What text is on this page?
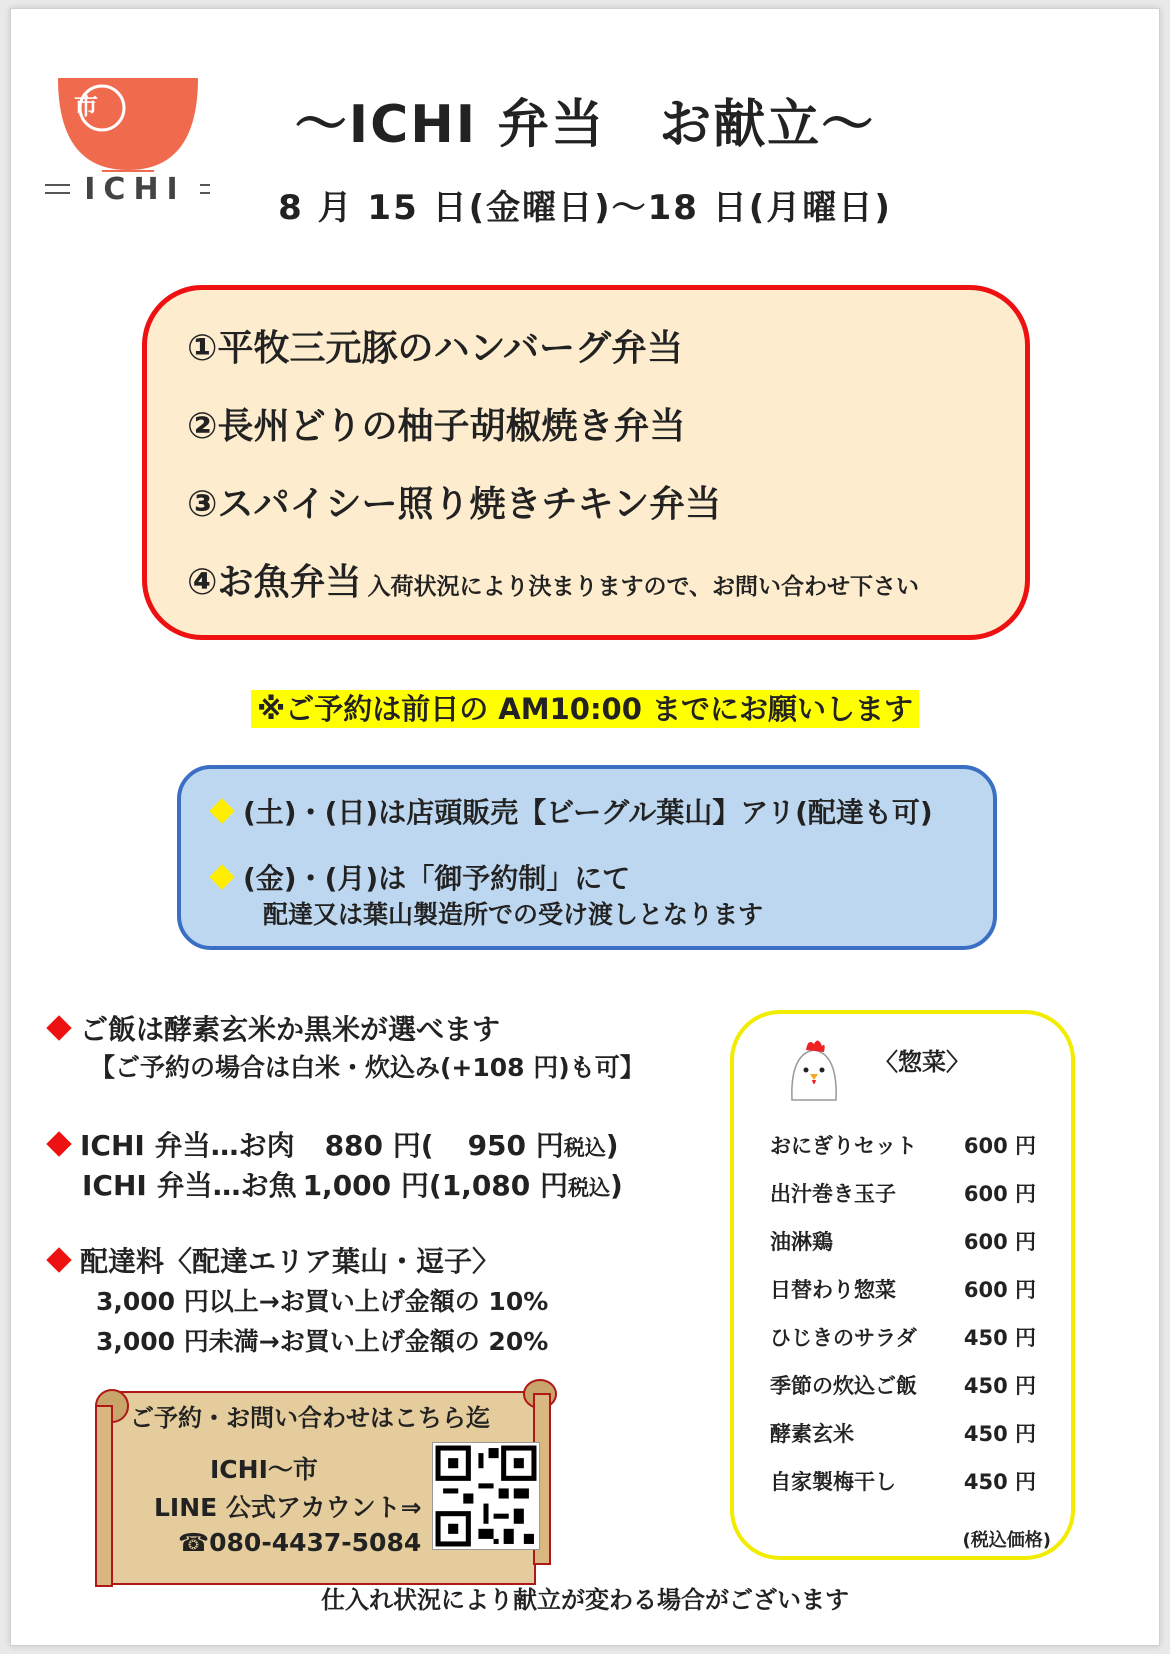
市
ICHI
〜ICHI 弁当　お献立〜
8 月 15 日(金曜日)〜18 日(月曜日)
①平牧三元豚のハンバーグ弁当
②長州どりの柚子胡椒焼き弁当
③スパイシー照り焼きチキン弁当
④お魚弁当 入荷状況により決まりますので、お問い合わせ下さい
※ご予約は前日の AM10:00 までにお願いします
(土)・(日)は店頭販売【ビーグル葉山】アリ(配達も可)
(金)・(月)は「御予約制」にて
配達又は葉山製造所での受け渡しとなります
ご飯は酵素玄米か黒米が選べます
【ご予約の場合は白米・炊込み(+108 円)も可】
ICHI 弁当…お肉 880 円( 950 円税込)
ICHI 弁当…お魚 1,000 円(1,080 円税込)
配達料〈配達エリア葉山・逗子〉
3,000 円以上→お買い上げ金額の 10%
3,000 円未満→お買い上げ金額の 20%
ご予約・お問い合わせはこちら迄
ICHI〜市
LINE 公式アカウント⇒
☎080-4437-5084
〈惣菜〉
おにぎりセット 600 円
出汁巻き玉子	600 円
油淋鶏	600 円
日替わり惣菜	600 円
ひじきのサラダ 450 円
季節の炊込ご飯 450 円
酵素玄米	450 円
自家製梅干し	450 円
(税込価格)
仕入れ状況により献立が変わる場合がございます
